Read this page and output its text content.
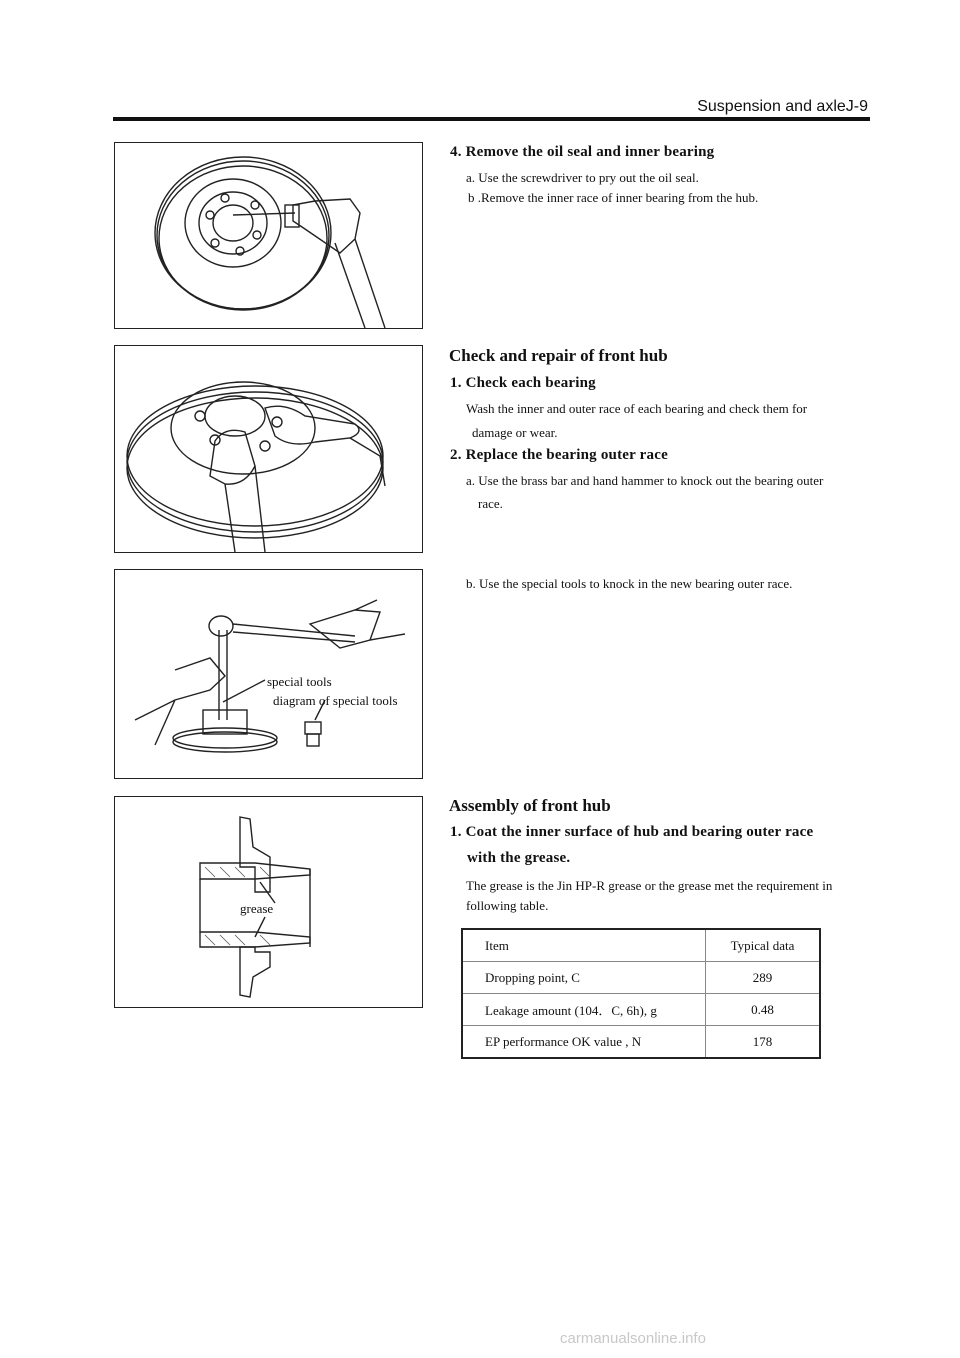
Suspension and axleJ-9
4. Remove the oil seal and inner bearing
a. Use the screwdriver to pry out the oil seal.
b .Remove the inner race of inner bearing from the hub.
Check and repair of front hub
1. Check each bearing
Wash the inner and outer race of each bearing and check them for
damage or wear.
2. Replace the bearing outer race
a. Use the brass bar and hand hammer to knock out the bearing outer
race.
special tools
diagram of special tools
b. Use the special tools to knock in the new bearing outer race.
grease
Assembly of front hub
1. Coat the inner surface of hub and bearing outer race
with the grease.
The grease is the Jin HP-R grease or the grease met the requirement in
following table.
Item	Typical data
Dropping point, C	289
Leakage amount (104．C, 6h), g	0.48
EP performance OK value , N	178
carmanualsonline.info
